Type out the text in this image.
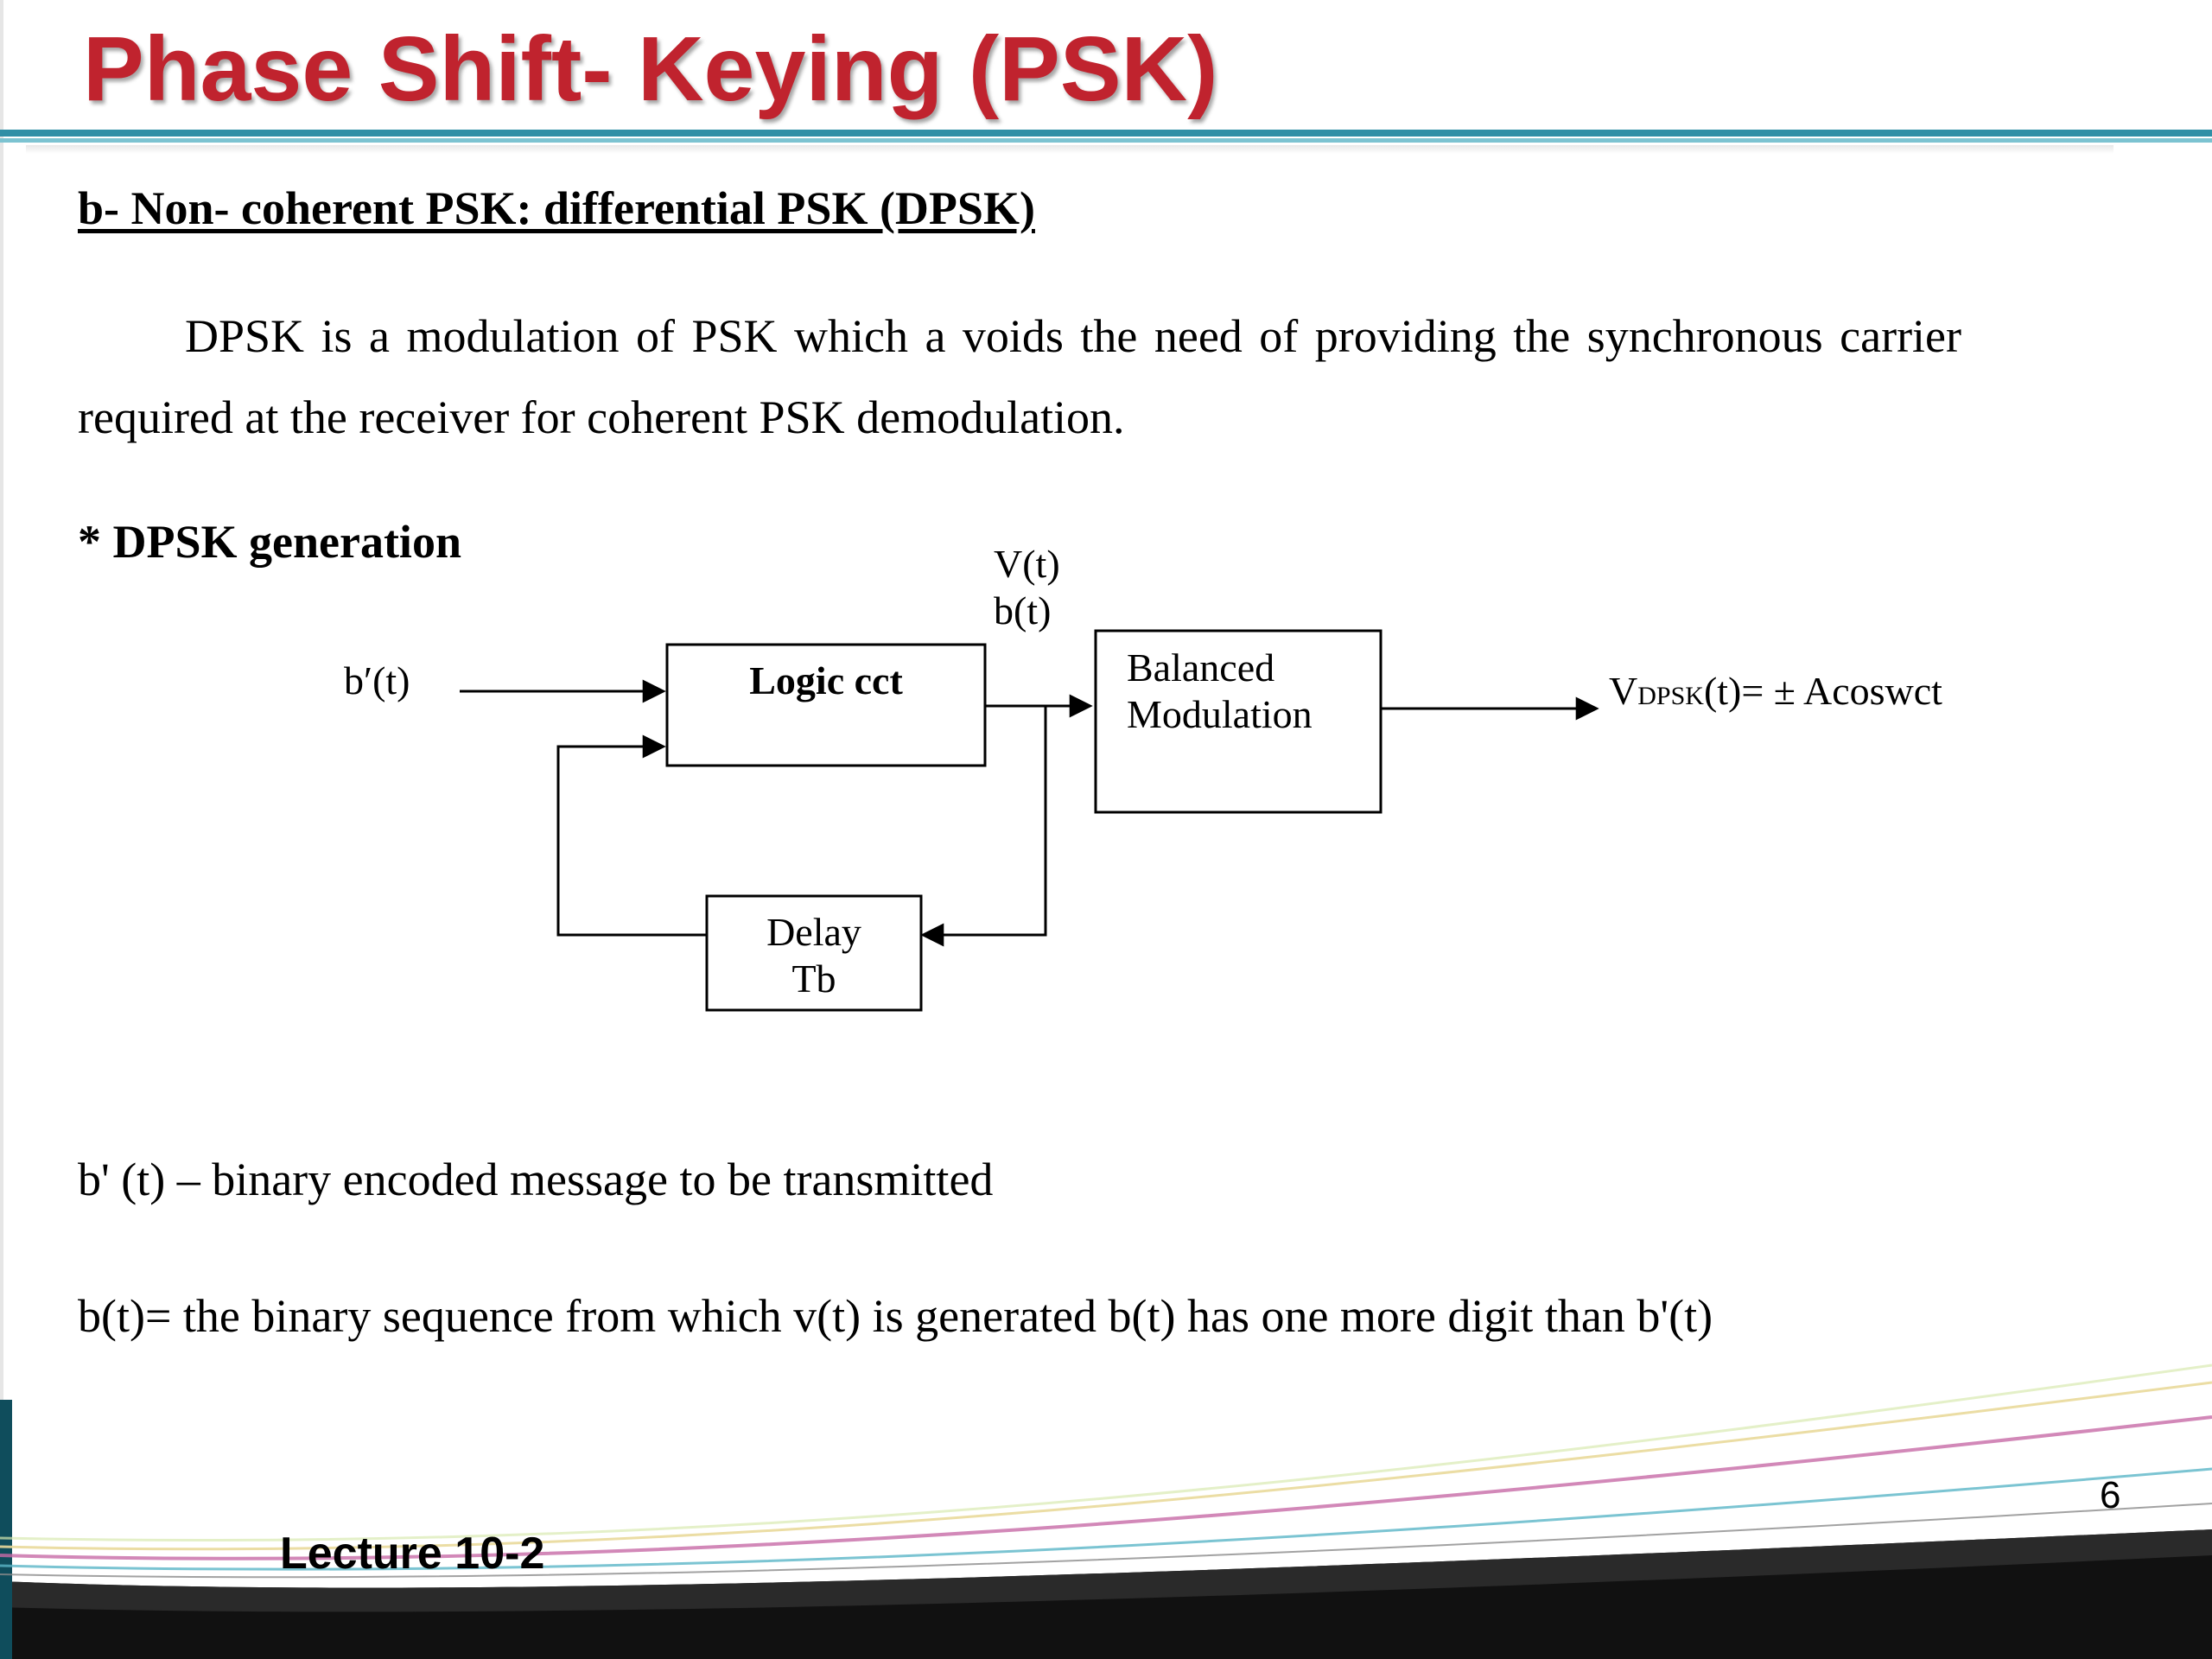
Phase Shift- Keying (PSK)
b- Non- coherent PSK: differential PSK (DPSK)
DPSK is a modulation of PSK which a voids the need of providing the synchronous carrier required at the receiver for coherent PSK demodulation.
* DPSK generation
b′(t)	Logic cct
V(t)
b(t)
Balanced
Modulation
VDPSK(t)= ± Acoswct
Delay
Tb
b' (t) – binary encoded message to be transmitted
b(t)= the binary sequence from which v(t) is generated b(t) has one more digit than b'(t)
6
Lecture 10-2
